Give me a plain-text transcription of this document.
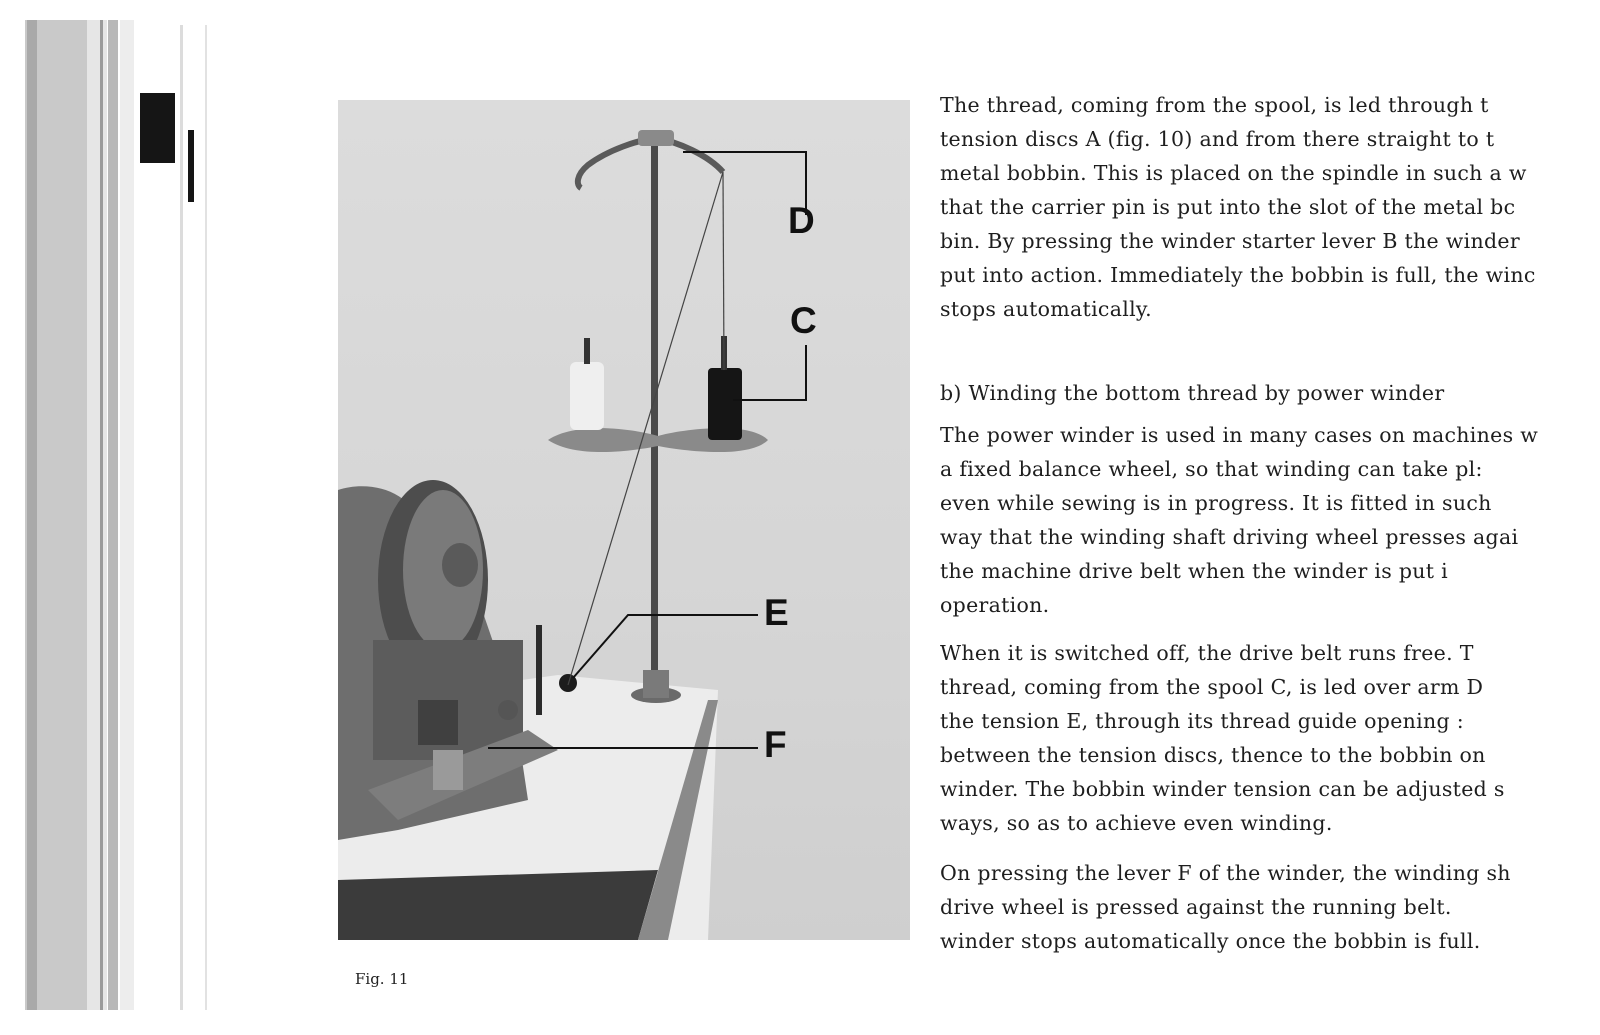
D
C
E
F
Fig. 11

The thread, coming from the spool, is led through t
tension discs A (fig. 10) and from there straight to t
metal bobbin. This is placed on the spindle in such a w
that the carrier pin is put into the slot of the metal bc
bin. By pressing the winder starter lever B the winder
put into action. Immediately the bobbin is full, the winc
stops automatically.

b) Winding the bottom thread by power winder

The power winder is used in many cases on machines w
a fixed balance wheel, so that winding can take pl:
even while sewing is in progress. It is fitted in such
way that the winding shaft driving wheel presses agai
the machine drive belt when the winder is put i
operation.

When it is switched off, the drive belt runs free. T
thread, coming from the spool C, is led over arm D
the tension E, through its thread guide opening :
between the tension discs, thence to the bobbin on
winder. The bobbin winder tension can be adjusted s
ways, so as to achieve even winding.

On pressing the lever F of the winder, the winding sh
drive wheel is pressed against the running belt.
winder stops automatically once the bobbin is full.
